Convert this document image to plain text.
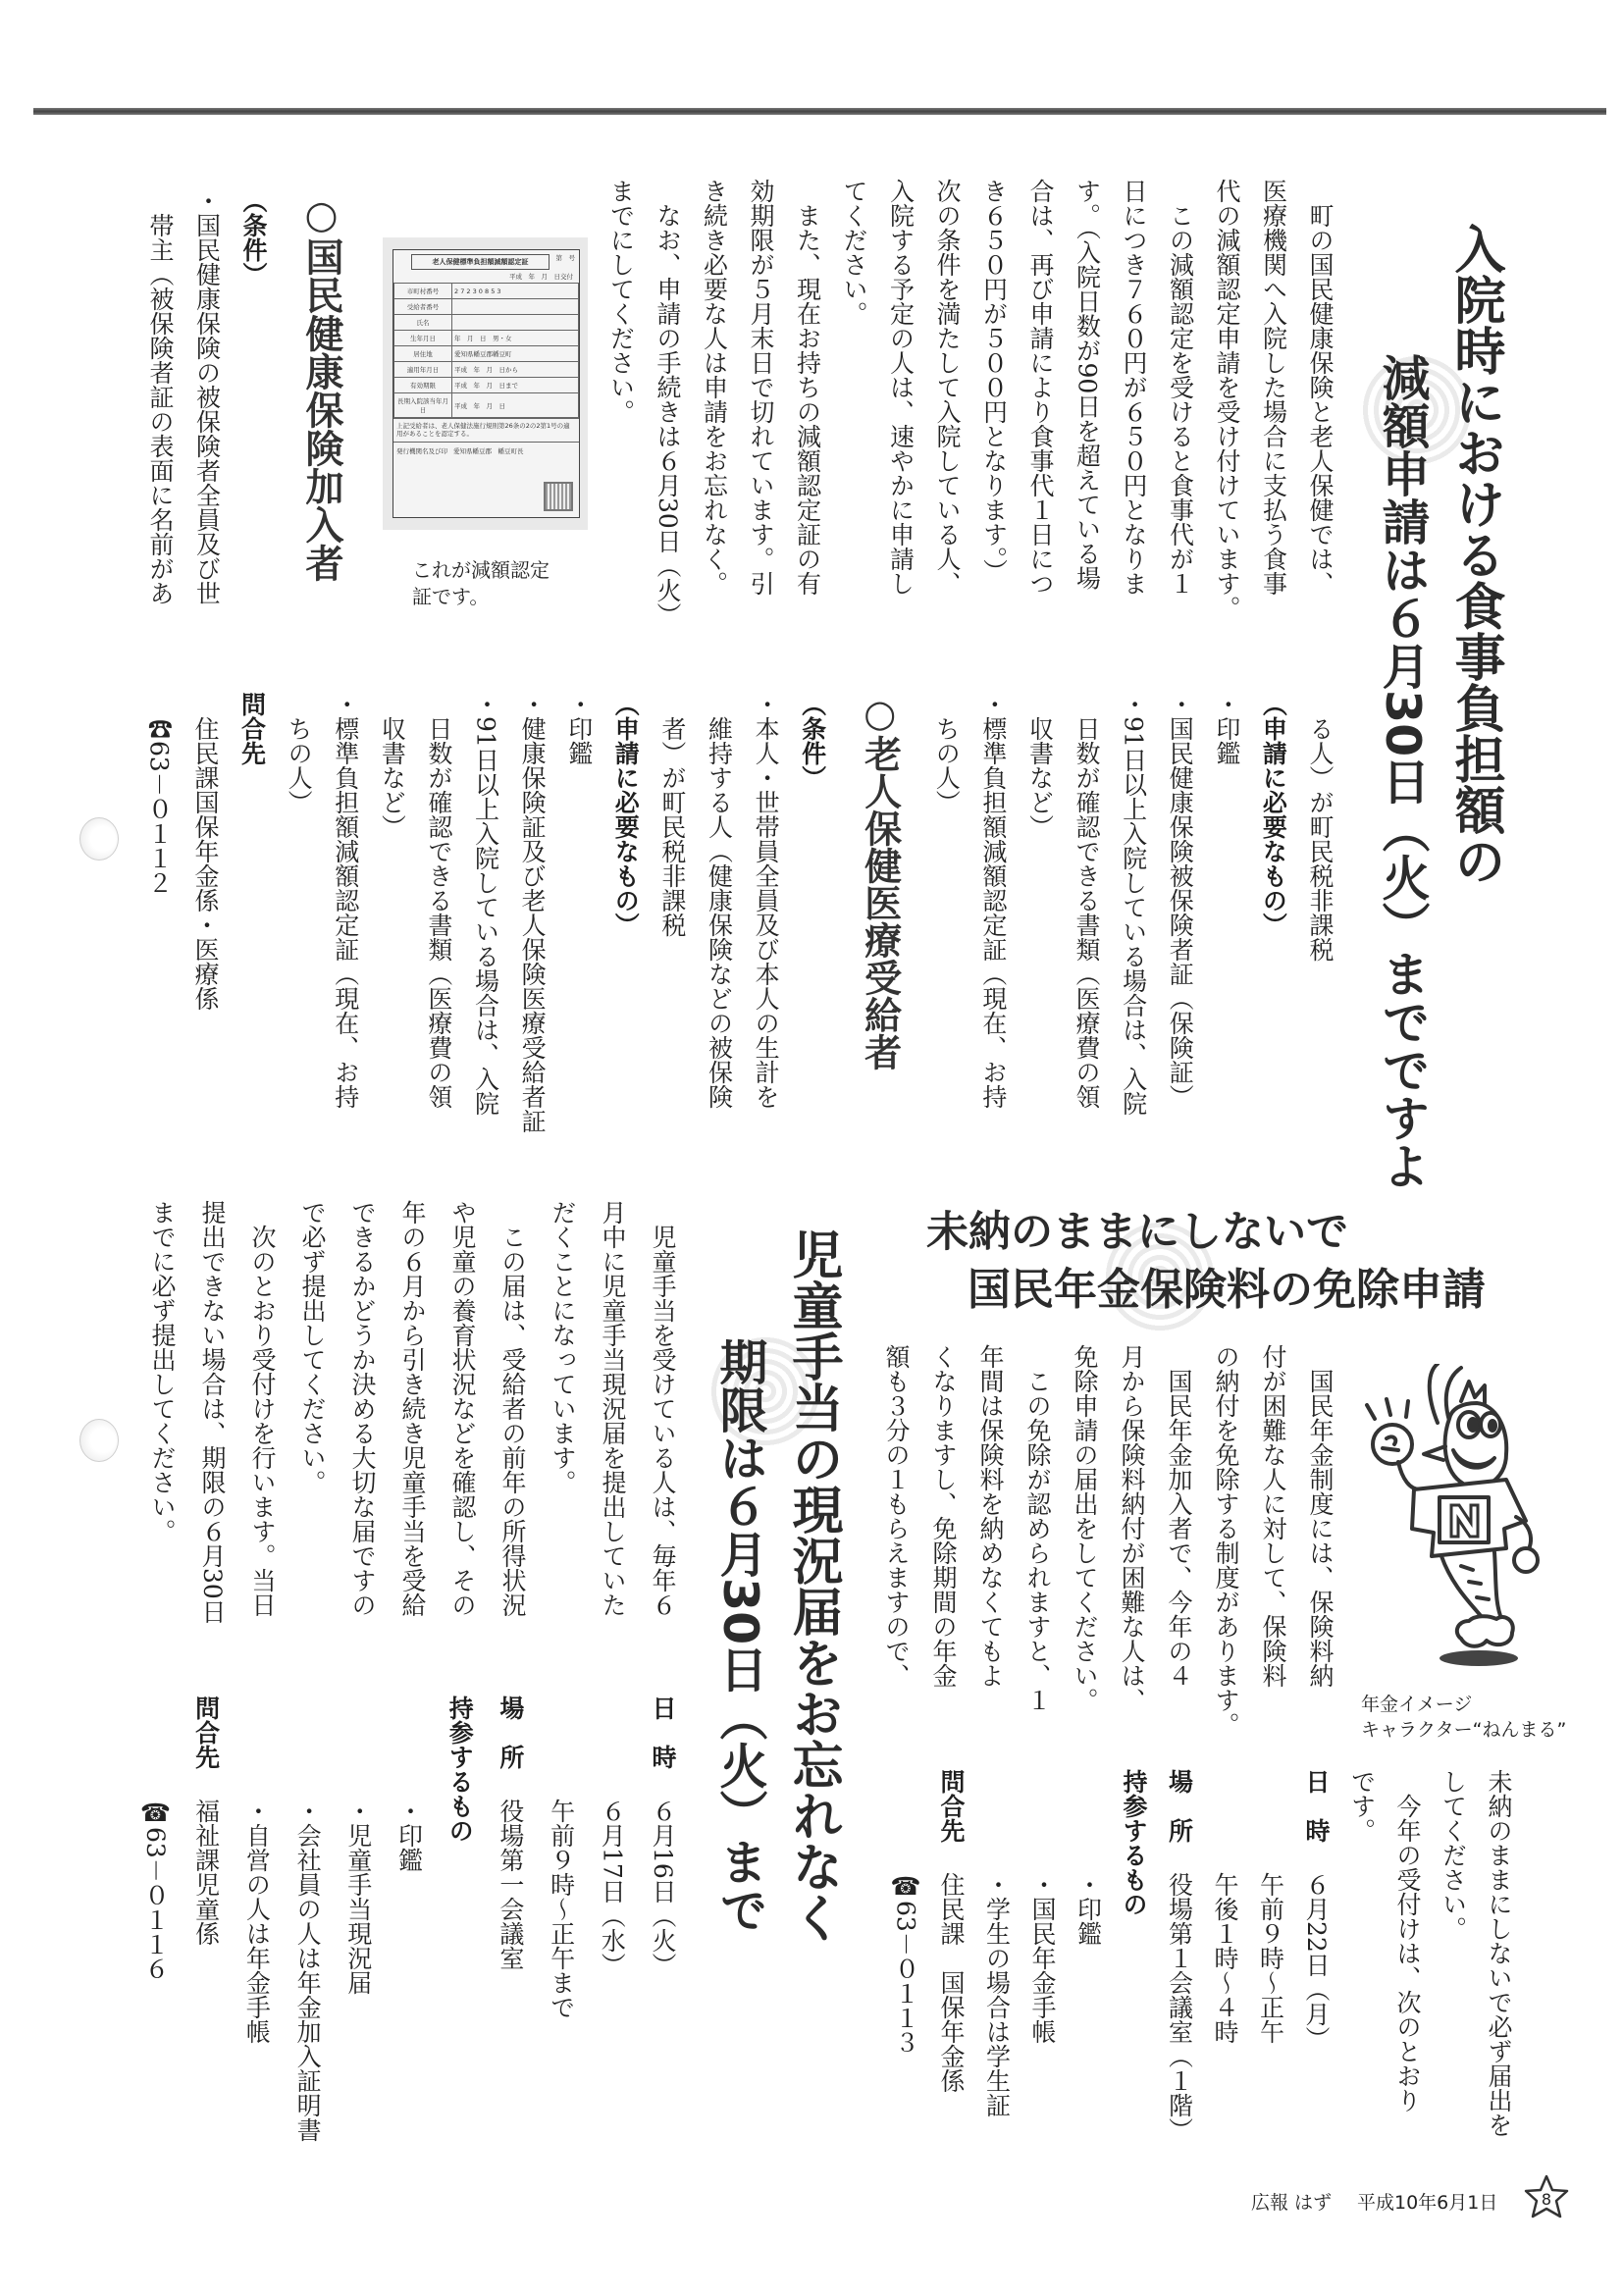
入院時における食事負担額の
減額申請は６月30日（火）までですよ
　町の国民健康保険と老人保健では、
医療機関へ入院した場合に支払う食事
代の減額認定申請を受け付けています。
　この減額認定を受けると食事代が１
日につき７６０円が６５０円となりま
す。（入院日数が90日を超えている場
合は、再び申請により食事代１日につ
き６５０円が５００円となります。）
次の条件を満たして入院している人、
入院する予定の人は、速やかに申請し
てください。
　また、現在お持ちの減額認定証の有
効期限が５月末日で切れています。引
き続き必要な人は申請をお忘れなく。
　なお、申請の手続きは６月30日（火）
までにしてください。
第　号
老人保健標準負担額減額認定証
平成　年　月　日交付
市町村番号	2 7 2 3 0 8 5 3
受給者番号	
氏名	
生年月日	年　月　日　男・女
居住地	愛知県幡豆郡幡豆町
適用年月日	平成　年　月　日から
有効期限	平成　年　月　日まで
長期入院該当年月日	平成　年　月　日
上記受給者は、老人保健法施行規則第26条の2の2第1号の適用があることを認定する。
発行機関名及び印 愛知県幡豆郡　幡豆町長
これが減額認定
証です。
○国民健康保険加入者
（条件）
・国民健康保険の被保険者全員及び世
　帯主（被保険者証の表面に名前があ
　る人）が町民税非課税
（申請に必要なもの）
・印鑑
・国民健康保険被保険者証（保険証）
・91日以上入院している場合は、入院
　日数が確認できる書類（医療費の領
　収書など）
・標準負担額減額認定証（現在、お持
　ちの人）
○老人保健医療受給者
（条件）
・本人・世帯員全員及び本人の生計を
　維持する人（健康保険などの被保険
　者）が町民税非課税
（申請に必要なもの）
・印鑑
・健康保険証及び老人保険医療受給者証
・91日以上入院している場合は、入院
　日数が確認できる書類（医療費の領
　収書など）
・標準負担額減額認定証（現在、お持
　ちの人）
問合先
　住民課国保年金係・医療係
　☎63－０１１２
未納のままにしないで
国民年金保険料の免除申請
　国民年金制度には、保険料納
付が困難な人に対して、保険料
の納付を免除する制度があります。
　国民年金加入者で、今年の４
月から保険料納付が困難な人は、
免除申請の届出をしてください。
　この免除が認められますと、１
年間は保険料を納めなくてもよ
くなりますし、免除期間の年金
額も３分の１もらえますので、
年金イメージ
キャラクター“ねんまる”
未納のままにしないで必ず届出を
してください。
　今年の受付けは、次のとおり
です。
日　時６月22日（月）
午前９時～正午
午後１時～４時
場　所役場第１会議室（１階）
持参するもの
・印鑑
・国民年金手帳
・学生の場合は学生証
問合先住民課　国保年金係
☎63－０１１３
児童手当の現況届をお忘れなく
期限は６月30日（火）まで
　児童手当を受けている人は、毎年６
月中に児童手当現況届を提出していた
だくことになっています。
　この届は、受給者の前年の所得状況
や児童の養育状況などを確認し、その
年の６月から引き続き児童手当を受給
できるかどうか決める大切な届ですの
で必ず提出してください。
　次のとおり受付けを行います。当日
提出できない場合は、期限の６月30日
までに必ず提出してください。
日　時６月16日（火）
６月17日（水）
午前９時～正午まで
場　所役場第一会議室
持参するもの
・印鑑
・児童手当現況届
・会社員の人は年金加入証明書
・自営の人は年金手帳
問合先福祉課児童係
☎63－０１１６
広報 はず 平成10年6月1日	8
